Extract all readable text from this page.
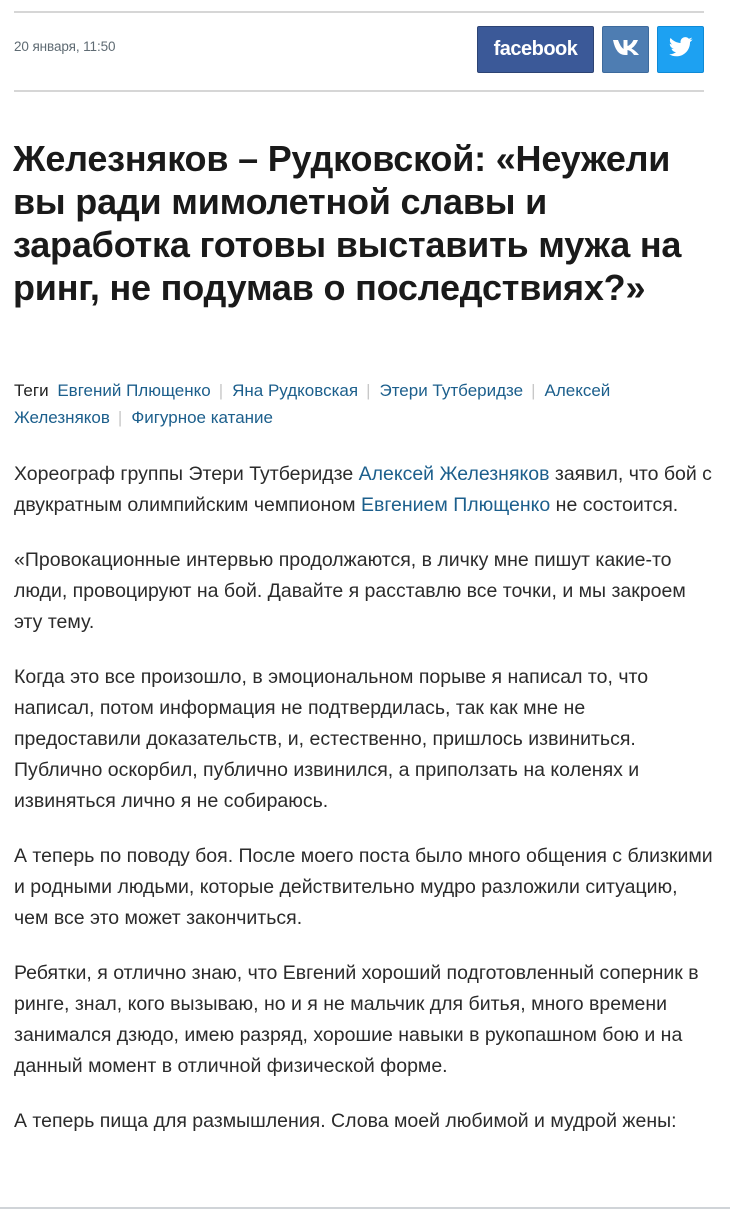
20 января, 11:50	facebook
Железняков – Рудковской: «Неужели вы ради мимолетной славы и заработка готовы выставить мужа на ринг, не подумав о последствиях?»
Теги Евгений Плющенко | Яна Рудковская | Этери Тутберидзе | Алексей Железняков | Фигурное катание

Хореограф группы Этери Тутберидзе Алексей Железняков заявил, что бой с двукратным олимпийским чемпионом Евгением Плющенко не состоится.

«Провокационные интервью продолжаются, в личку мне пишут какие-то люди, провоцируют на бой. Давайте я расставлю все точки, и мы закроем эту тему.

Когда это все произошло, в эмоциональном порыве я написал то, что написал, потом информация не подтвердилась, так как мне не предоставили доказательств, и, естественно, пришлось извиниться. Публично оскорбил, публично извинился, а приползать на коленях и извиняться лично я не собираюсь.

А теперь по поводу боя. После моего поста было много общения с близкими и родными людьми, которые действительно мудро разложили ситуацию, чем все это может закончиться.

Ребятки, я отлично знаю, что Евгений хороший подготовленный соперник в ринге, знал, кого вызываю, но и я не мальчик для битья, много времени занимался дзюдо, имею разряд, хорошие навыки в рукопашном бою и на данный момент в отличной физической форме.

А теперь пища для размышления. Слова моей любимой и мудрой жены:
